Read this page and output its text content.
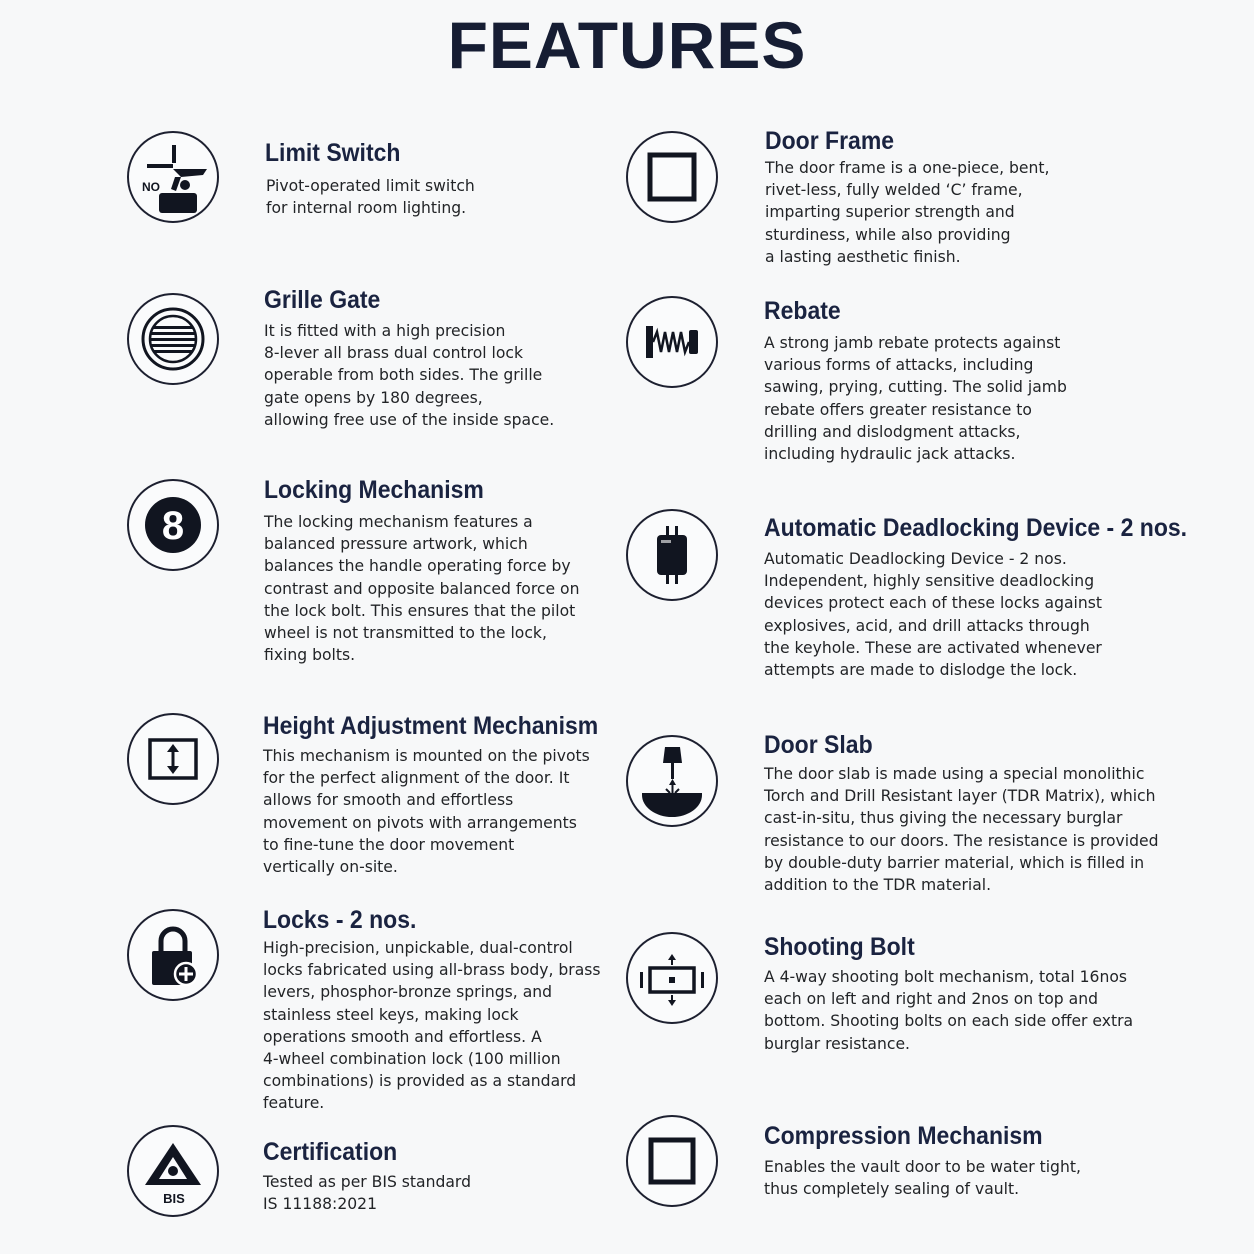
FEATURES
NO
Limit Switch
Pivot-operated limit switch
for internal room lighting.
Grille Gate
It is fitted with a high precision
8-lever all brass dual control lock
operable from both sides. The grille
gate opens by 180 degrees,
allowing free use of the inside space.
8
Locking Mechanism
The locking mechanism features a
balanced pressure artwork, which
balances the handle operating force by
contrast and opposite balanced force on
the lock bolt. This ensures that the pilot
wheel is not transmitted to the lock,
fixing bolts.
Height Adjustment Mechanism
This mechanism is mounted on the pivots
for the perfect alignment of the door. It
allows for smooth and effortless
movement on pivots with arrangements
to fine-tune the door movement
vertically on-site.
Locks - 2 nos.
High-precision, unpickable, dual-control
locks fabricated using all-brass body, brass
levers, phosphor-bronze springs, and
stainless steel keys, making lock
operations smooth and effortless. A
4-wheel combination lock (100 million
combinations) is provided as a standard
feature.
BIS
Certification
Tested as per BIS standard
IS 11188:2021
Door Frame
The door frame is a one-piece, bent,
rivet-less, fully welded ‘C’ frame,
imparting superior strength and
sturdiness, while also providing
a lasting aesthetic finish.
Rebate
A strong jamb rebate protects against
various forms of attacks, including
sawing, prying, cutting. The solid jamb
rebate offers greater resistance to
drilling and dislodgment attacks,
including hydraulic jack attacks.
Automatic Deadlocking Device - 2 nos.
Automatic Deadlocking Device - 2 nos.
Independent, highly sensitive deadlocking
devices protect each of these locks against
explosives, acid, and drill attacks through
the keyhole. These are activated whenever
attempts are made to dislodge the lock.
Door Slab
The door slab is made using a special monolithic
Torch and Drill Resistant layer (TDR Matrix), which
cast-in-situ, thus giving the necessary burglar
resistance to our doors. The resistance is provided
by double-duty barrier material, which is filled in
addition to the TDR material.
Shooting Bolt
A 4-way shooting bolt mechanism, total 16nos
each on left and right and 2nos on top and
bottom. Shooting bolts on each side offer extra
burglar resistance.
Compression Mechanism
Enables the vault door to be water tight,
thus completely sealing of vault.
